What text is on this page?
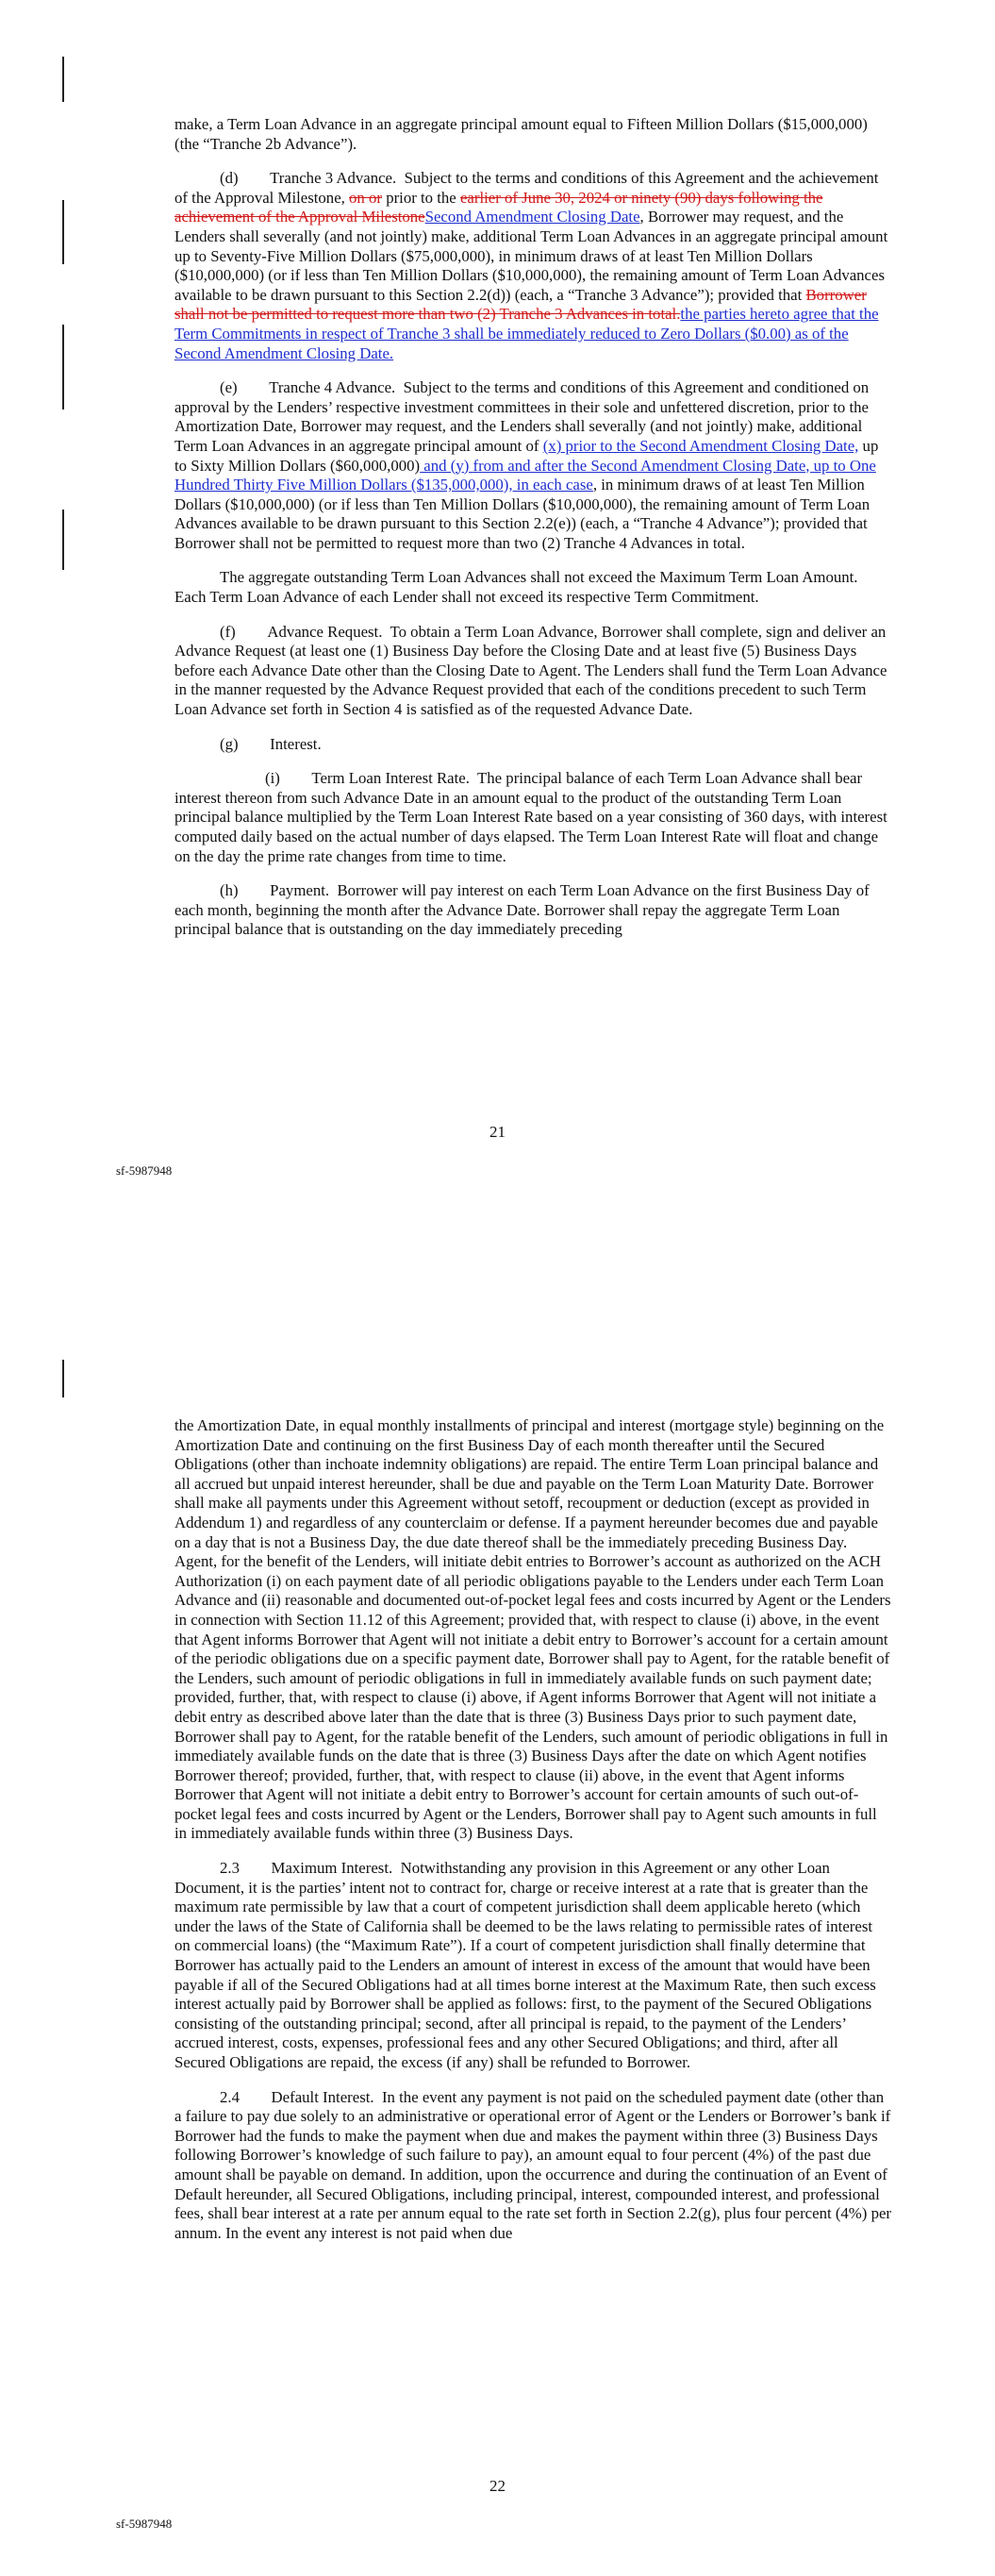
make, a Term Loan Advance in an aggregate principal amount equal to Fifteen Million Dollars ($15,000,000) (the “Tranche 2b Advance”).

(d)   Tranche 3 Advance. Subject to the terms and conditions of this Agreement and the achievement of the Approval Milestone, on or prior to the earlier of June 30, 2024 or ninety (90) days following the achievement of the Approval MilestoneSecond Amendment Closing Date, Borrower may request, and the Lenders shall severally (and not jointly) make, additional Term Loan Advances in an aggregate principal amount up to Seventy-Five Million Dollars ($75,000,000), in minimum draws of at least Ten Million Dollars ($10,000,000) (or if less than Ten Million Dollars ($10,000,000), the remaining amount of Term Loan Advances available to be drawn pursuant to this Section 2.2(d)) (each, a “Tranche 3 Advance”); provided that Borrower shall not be permitted to request more than two (2) Tranche 3 Advances in total.the parties hereto agree that the Term Commitments in respect of Tranche 3 shall be immediately reduced to Zero Dollars ($0.00) as of the Second Amendment Closing Date.

(e)   Tranche 4 Advance. Subject to the terms and conditions of this Agreement and conditioned on approval by the Lenders’ respective investment committees in their sole and unfettered discretion, prior to the Amortization Date, Borrower may request, and the Lenders shall severally (and not jointly) make, additional Term Loan Advances in an aggregate principal amount of (x) prior to the Second Amendment Closing Date, up to Sixty Million Dollars ($60,000,000) and (y) from and after the Second Amendment Closing Date, up to One Hundred Thirty Five Million Dollars ($135,000,000), in each case, in minimum draws of at least Ten Million Dollars ($10,000,000) (or if less than Ten Million Dollars ($10,000,000), the remaining amount of Term Loan Advances available to be drawn pursuant to this Section 2.2(e)) (each, a “Tranche 4 Advance”); provided that Borrower shall not be permitted to request more than two (2) Tranche 4 Advances in total.

The aggregate outstanding Term Loan Advances shall not exceed the Maximum Term Loan Amount. Each Term Loan Advance of each Lender shall not exceed its respective Term Commitment.

(f)   Advance Request. To obtain a Term Loan Advance, Borrower shall complete, sign and deliver an Advance Request (at least one (1) Business Day before the Closing Date and at least five (5) Business Days before each Advance Date other than the Closing Date to Agent. The Lenders shall fund the Term Loan Advance in the manner requested by the Advance Request provided that each of the conditions precedent to such Term Loan Advance set forth in Section 4 is satisfied as of the requested Advance Date.

(g)   Interest.

(i)   Term Loan Interest Rate. The principal balance of each Term Loan Advance shall bear interest thereon from such Advance Date in an amount equal to the product of the outstanding Term Loan principal balance multiplied by the Term Loan Interest Rate based on a year consisting of 360 days, with interest computed daily based on the actual number of days elapsed. The Term Loan Interest Rate will float and change on the day the prime rate changes from time to time.

(h)   Payment. Borrower will pay interest on each Term Loan Advance on the first Business Day of each month, beginning the month after the Advance Date. Borrower shall repay the aggregate Term Loan principal balance that is outstanding on the day immediately preceding

21
sf-5987948

the Amortization Date, in equal monthly installments of principal and interest (mortgage style) beginning on the Amortization Date and continuing on the first Business Day of each month thereafter until the Secured Obligations (other than inchoate indemnity obligations) are repaid. The entire Term Loan principal balance and all accrued but unpaid interest hereunder, shall be due and payable on the Term Loan Maturity Date. Borrower shall make all payments under this Agreement without setoff, recoupment or deduction (except as provided in Addendum 1) and regardless of any counterclaim or defense. If a payment hereunder becomes due and payable on a day that is not a Business Day, the due date thereof shall be the immediately preceding Business Day. Agent, for the benefit of the Lenders, will initiate debit entries to Borrower’s account as authorized on the ACH Authorization (i) on each payment date of all periodic obligations payable to the Lenders under each Term Loan Advance and (ii) reasonable and documented out-of-pocket legal fees and costs incurred by Agent or the Lenders in connection with Section 11.12 of this Agreement; provided that, with respect to clause (i) above, in the event that Agent informs Borrower that Agent will not initiate a debit entry to Borrower’s account for a certain amount of the periodic obligations due on a specific payment date, Borrower shall pay to Agent, for the ratable benefit of the Lenders, such amount of periodic obligations in full in immediately available funds on such payment date; provided, further, that, with respect to clause (i) above, if Agent informs Borrower that Agent will not initiate a debit entry as described above later than the date that is three (3) Business Days prior to such payment date, Borrower shall pay to Agent, for the ratable benefit of the Lenders, such amount of periodic obligations in full in immediately available funds on the date that is three (3) Business Days after the date on which Agent notifies Borrower thereof; provided, further, that, with respect to clause (ii) above, in the event that Agent informs Borrower that Agent will not initiate a debit entry to Borrower’s account for certain amounts of such out-of-pocket legal fees and costs incurred by Agent or the Lenders, Borrower shall pay to Agent such amounts in full in immediately available funds within three (3) Business Days.

2.3   Maximum Interest. Notwithstanding any provision in this Agreement or any other Loan Document, it is the parties’ intent not to contract for, charge or receive interest at a rate that is greater than the maximum rate permissible by law that a court of competent jurisdiction shall deem applicable hereto (which under the laws of the State of California shall be deemed to be the laws relating to permissible rates of interest on commercial loans) (the “Maximum Rate”). If a court of competent jurisdiction shall finally determine that Borrower has actually paid to the Lenders an amount of interest in excess of the amount that would have been payable if all of the Secured Obligations had at all times borne interest at the Maximum Rate, then such excess interest actually paid by Borrower shall be applied as follows: first, to the payment of the Secured Obligations consisting of the outstanding principal; second, after all principal is repaid, to the payment of the Lenders’ accrued interest, costs, expenses, professional fees and any other Secured Obligations; and third, after all Secured Obligations are repaid, the excess (if any) shall be refunded to Borrower.

2.4   Default Interest. In the event any payment is not paid on the scheduled payment date (other than a failure to pay due solely to an administrative or operational error of Agent or the Lenders or Borrower’s bank if Borrower had the funds to make the payment when due and makes the payment within three (3) Business Days following Borrower’s knowledge of such failure to pay), an amount equal to four percent (4%) of the past due amount shall be payable on demand. In addition, upon the occurrence and during the continuation of an Event of Default hereunder, all Secured Obligations, including principal, interest, compounded interest, and professional fees, shall bear interest at a rate per annum equal to the rate set forth in Section 2.2(g), plus four percent (4%) per annum. In the event any interest is not paid when due

22
sf-5987948
